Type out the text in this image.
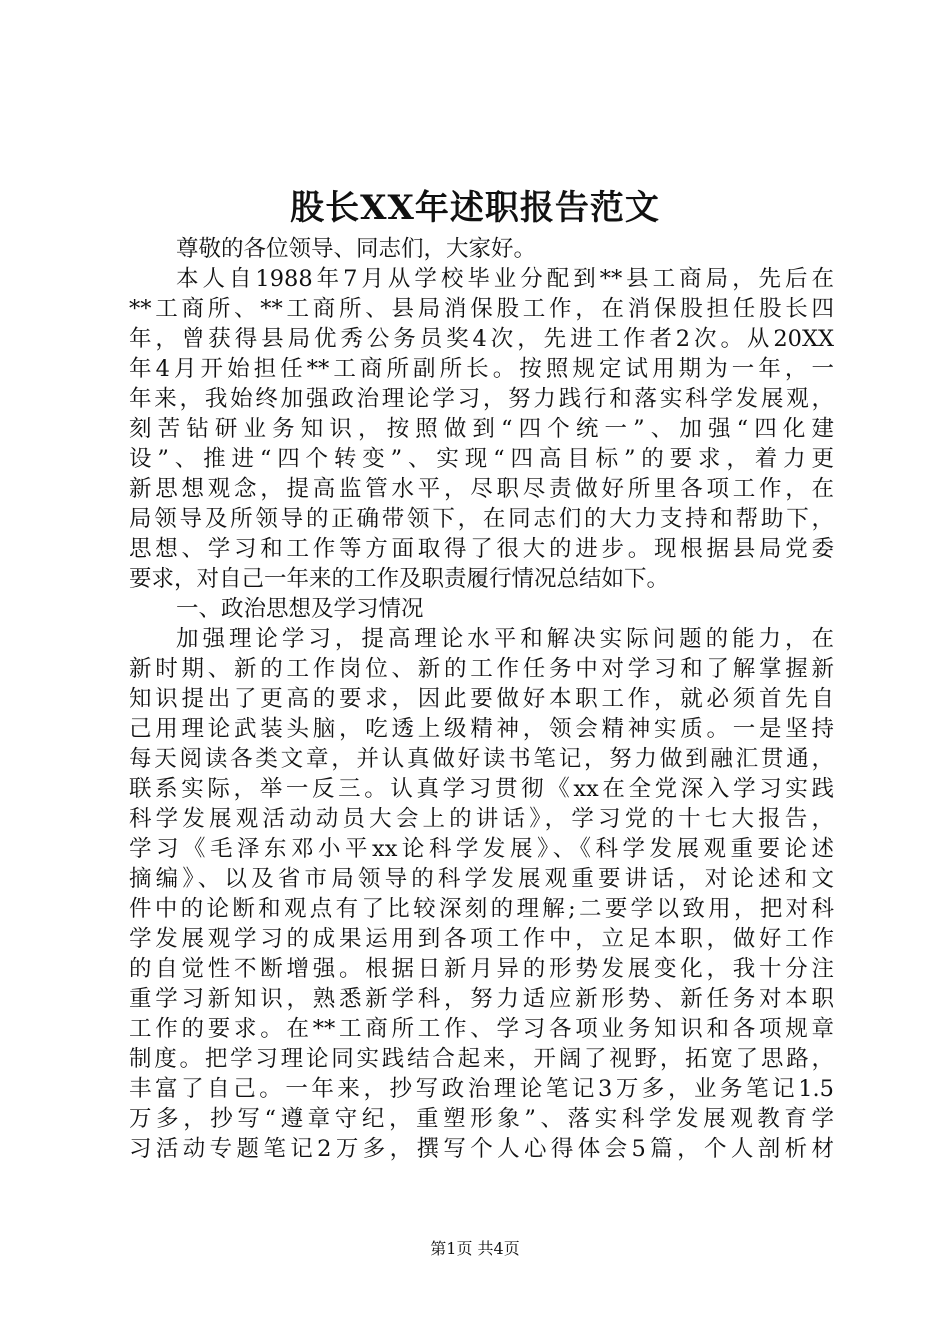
股长XX年述职报告范文
尊敬的各位领导、同志们，大家好。
本人自1988年7月从学校毕业分配到**县工商局，先后在
**工商所、**工商所、县局消保股工作，在消保股担任股长四
年，曾获得县局优秀公务员奖4次，先进工作者2次。从20XX
年4月开始担任**工商所副所长。按照规定试用期为一年，一
年来，我始终加强政治理论学习，努力践行和落实科学发展观，
刻苦钻研业务知识，按照做到“四个统一”、加强“四化建
设”、推进“四个转变”、实现“四高目标”的要求，着力更
新思想观念，提高监管水平，尽职尽责做好所里各项工作，在
局领导及所领导的正确带领下，在同志们的大力支持和帮助下，
思想、学习和工作等方面取得了很大的进步。现根据县局党委
要求，对自己一年来的工作及职责履行情况总结如下。
一、政治思想及学习情况
加强理论学习，提高理论水平和解决实际问题的能力，在
新时期、新的工作岗位、新的工作任务中对学习和了解掌握新
知识提出了更高的要求，因此要做好本职工作，就必须首先自
己用理论武装头脑，吃透上级精神，领会精神实质。一是坚持
每天阅读各类文章，并认真做好读书笔记，努力做到融汇贯通，
联系实际，举一反三。认真学习贯彻《xx在全党深入学习实践
科学发展观活动动员大会上的讲话》，学习党的十七大报告，
学习《毛泽东邓小平xx论科学发展》、《科学发展观重要论述
摘编》、以及省市局领导的科学发展观重要讲话，对论述和文
件中的论断和观点有了比较深刻的理解;二要学以致用，把对科
学发展观学习的成果运用到各项工作中，立足本职，做好工作
的自觉性不断增强。根据日新月异的形势发展变化，我十分注
重学习新知识，熟悉新学科，努力适应新形势、新任务对本职
工作的要求。在**工商所工作、学习各项业务知识和各项规章
制度。把学习理论同实践结合起来，开阔了视野，拓宽了思路，
丰富了自己。一年来，抄写政治理论笔记3万多，业务笔记1.5
万多，抄写“遵章守纪，重塑形象”、落实科学发展观教育学
习活动专题笔记2万多，撰写个人心得体会5篇，个人剖析材
第1页 共4页
